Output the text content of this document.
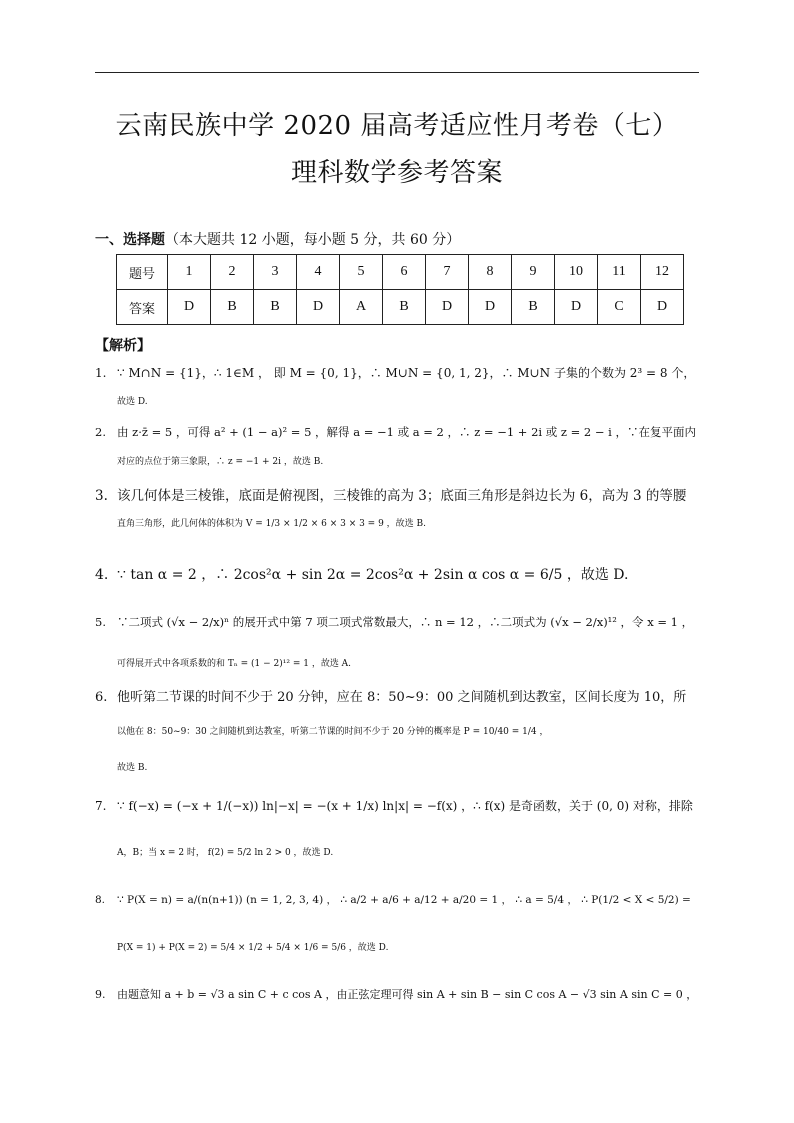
云南民族中学 2020 届高考适应性月考卷（七）
理科数学参考答案
一、选择题（本大题共 12 小题，每小题 5 分，共 60 分）
题号	1	2	3	4	5	6	7	8	9	10	11	12
答案	D	B	B	D	A	B	D	D	B	D	C	D
【解析】
1. ∵ M∩N = {1}，∴ 1∈M ， 即 M = {0, 1}，∴ M∪N = {0, 1, 2}，∴ M∪N 子集的个数为 2³ = 8 个，
故选 D.
2. 由 z·z̄ = 5 ，可得 a² + (1 − a)² = 5 ，解得 a = −1 或 a = 2 ，∴ z = −1 + 2i 或 z = 2 − i ，∵在复平面内
对应的点位于第三象限，∴ z = −1 + 2i ，故选 B.
3. 该几何体是三棱锥，底面是俯视图，三棱锥的高为 3；底面三角形是斜边长为 6，高为 3 的等腰
直角三角形，此几何体的体积为 V = 1/3 × 1/2 × 6 × 3 × 3 = 9 ，故选 B.
4. ∵ tan α = 2 ，∴ 2cos²α + sin 2α = 2cos²α + 2sin α cos α = 6/5 ，故选 D.
5. ∵二项式 (√x − 2/x)ⁿ 的展开式中第 7 项二项式常数最大，∴ n = 12 ，∴二项式为 (√x − 2/x)¹² ，令 x = 1 ，
可得展开式中各项系数的和 Tₙ = (1 − 2)¹² = 1 ，故选 A.
6. 他听第二节课的时间不少于 20 分钟，应在 8：50~9：00 之间随机到达教室，区间长度为 10，所
以他在 8：50~9：30 之间随机到达教室，听第二节课的时间不少于 20 分钟的概率是 P = 10/40 = 1/4 ，
故选 B.
7. ∵ f(−x) = (−x + 1/(−x)) ln|−x| = −(x + 1/x) ln|x| = −f(x) ，∴ f(x) 是奇函数，关于 (0, 0) 对称，排除
A，B；当 x = 2 时， f(2) = 5/2 ln 2 > 0 ，故选 D.
8. ∵ P(X = n) = a/(n(n+1)) (n = 1, 2, 3, 4) ， ∴ a/2 + a/6 + a/12 + a/20 = 1 ， ∴ a = 5/4 ， ∴ P(1/2 < X < 5/2) =
P(X = 1) + P(X = 2) = 5/4 × 1/2 + 5/4 × 1/6 = 5/6 ，故选 D.
9. 由题意知 a + b = √3 a sin C + c cos A ，由正弦定理可得 sin A + sin B − sin C cos A − √3 sin A sin C = 0 ，
